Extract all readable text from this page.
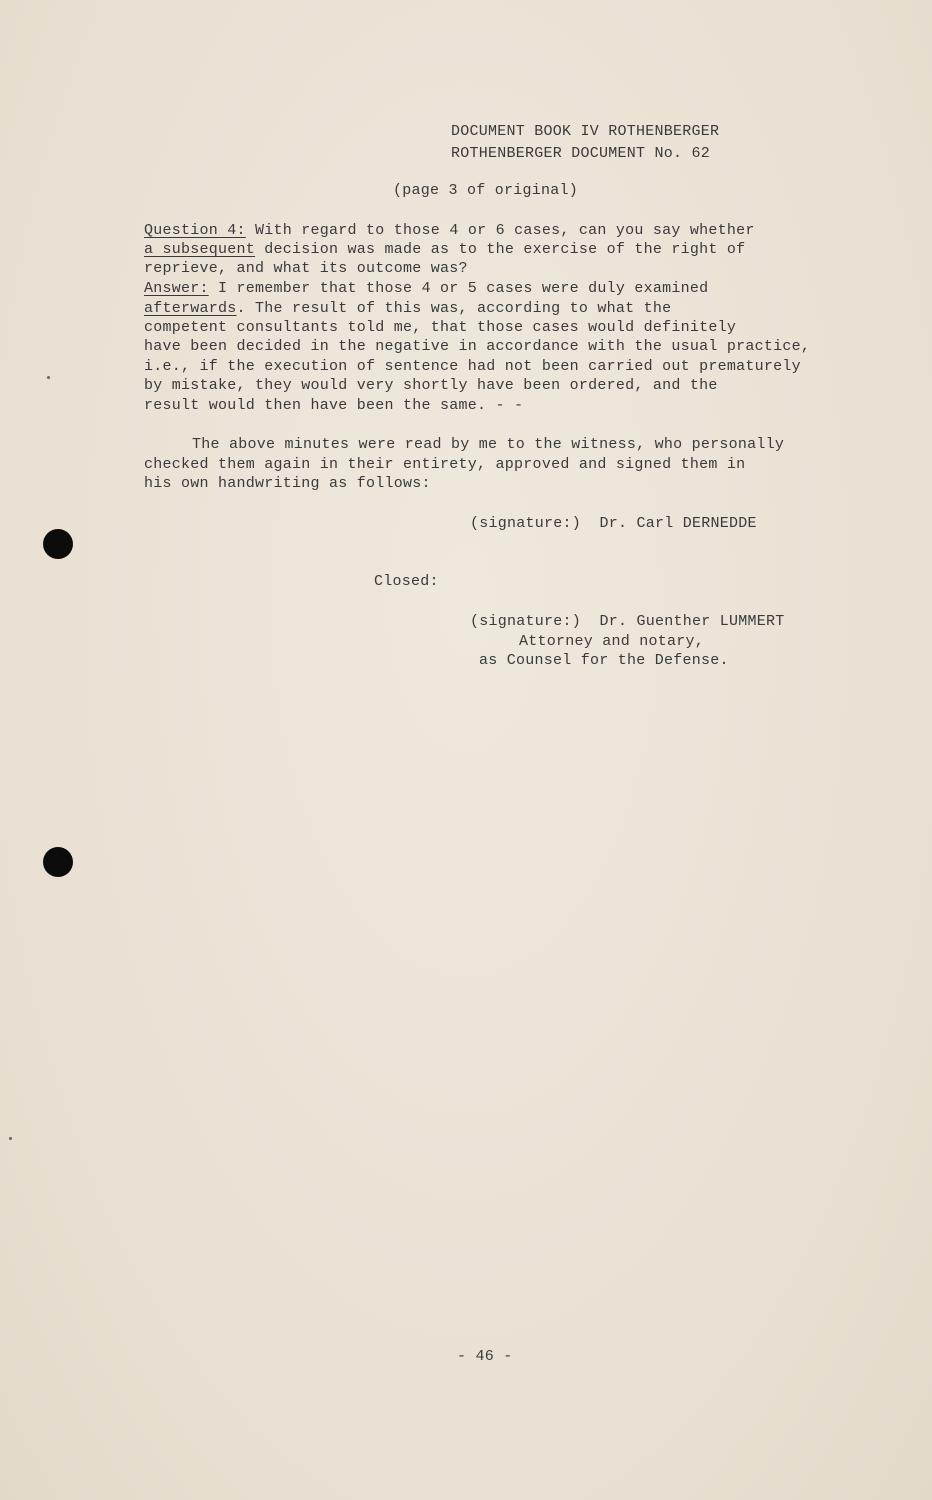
DOCUMENT BOOK IV ROTHENBERGER
ROTHENBERGER DOCUMENT No. 62
(page 3 of original)
Question 4: With regard to those 4 or 6 cases, can you say whether
a subsequent decision was made as to the exercise of the right of
reprieve, and what its outcome was?
Answer: I remember that those 4 or 5 cases were duly examined
afterwards. The result of this was, according to what the
competent consultants told me, that those cases would definitely
have been decided in the negative in accordance with the usual practice,
i.e., if the execution of sentence had not been carried out prematurely
by mistake, they would very shortly have been ordered, and the
result would then have been the same. - -
The above minutes were read by me to the witness, who personally
checked them again in their entirety, approved and signed them in
his own handwriting as follows:
(signature:)  Dr. Carl DERNEDDE
Closed:
(signature:)  Dr. Guenther LUMMERT
Attorney and notary,
as Counsel for the Defense.
- 46 -
